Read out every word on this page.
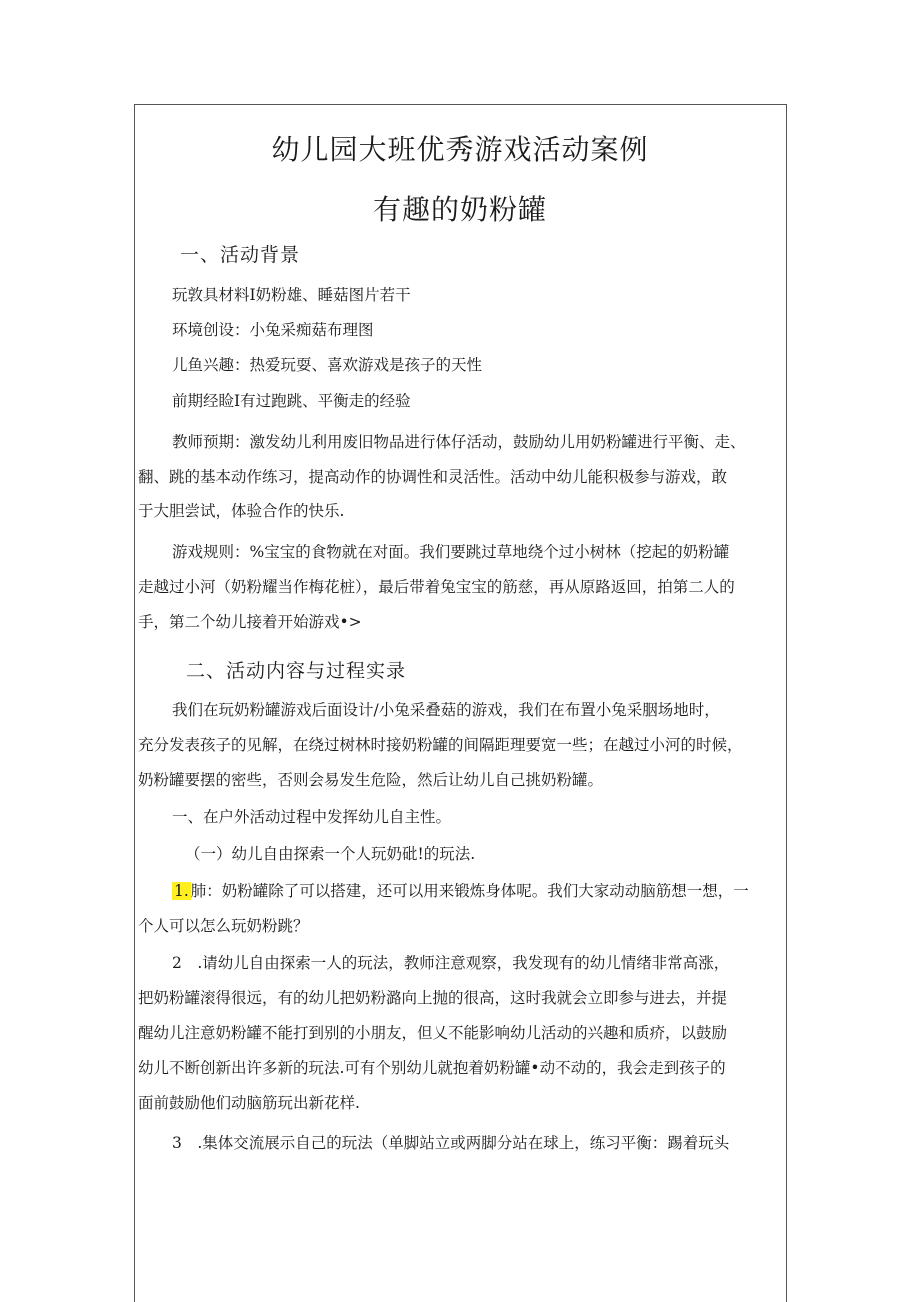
幼儿园大班优秀游戏活动案例
有趣的奶粉罐
一、活动背景
玩敦具材料I奶粉雄、睡菇图片若干
环境创设：小兔采痴菇布理图
儿鱼兴趣：热爱玩耍、喜欢游戏是孩子的天性
前期经睑I有过跑跳、平衡走的经验
教师预期：激发幼儿利用废旧物品进行体仔活动，鼓励幼儿用奶粉罐进行平衡、走、
翻、跳的基本动作练习，提高动作的协调性和灵活性。活动中幼儿能积极参与游戏，敢
于大胆尝试，体验合作的快乐.
游戏规则：%宝宝的食物就在对面。我们要跳过草地绕个过小树林（挖起的奶粉罐
走越过小河（奶粉耀当作梅花桩），最后带着兔宝宝的筋慈，再从原路返回，拍第二人的
手，第二个幼儿接着开始游戏•>
二、活动内容与过程实录
我们在玩奶粉罐游戏后面设计/小兔采叠菇的游戏，我们在布置小兔采胭场地时，
充分发表孩子的见解，在绕过树林时接奶粉罐的间隔距理要宽一些；在越过小河的时候，
奶粉罐要摆的密些，否则会易发生危险，然后让幼儿自己挑奶粉罐。
一、在户外活动过程中发挥幼儿自主性。
（一）幼儿自由探索一个人玩奶砒!的玩法.
1. 肺：奶粉罐除了可以搭建，还可以用来锻炼身体呢。我们大家动动脑筋想一想，一
个人可以怎么玩奶粉跳？
2　.请幼儿自由探索一人的玩法，教师注意观察，我发现有的幼儿情绪非常高涨，
把奶粉罐滚得很远，有的幼儿把奶粉潞向上抛的很高，这时我就会立即参与进去，并提
醒幼儿注意奶粉罐不能打到别的小朋友，但乂不能影响幼儿活动的兴趣和质疥，以鼓励
幼儿不断创新出许多新的玩法.可有个别幼儿就抱着奶粉罐•动不动的，我会走到孩子的
面前鼓励他们动脑筋玩出新花样.
3　.集体交流展示自己的玩法（单脚站立或两脚分站在球上，练习平衡：踢着玩头
